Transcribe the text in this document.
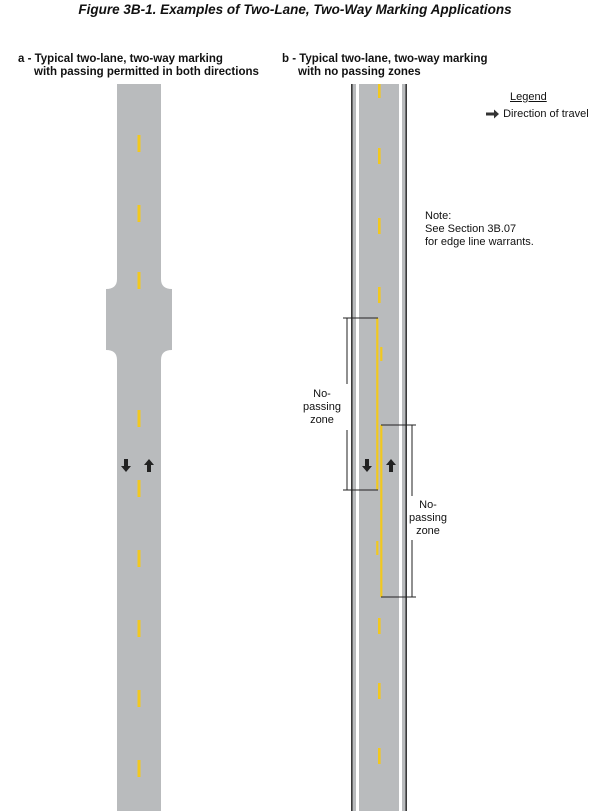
Figure 3B-1. Examples of Two-Lane, Two-Way Marking Applications
a - Typical two-lane, two-way marking
with passing permitted in both directions
b - Typical two-lane, two-way marking
with no passing zones
Legend
Direction of travel
Note:
See Section 3B.07
for edge line warrants.
No-
passing
zone
No-
passing
zone
